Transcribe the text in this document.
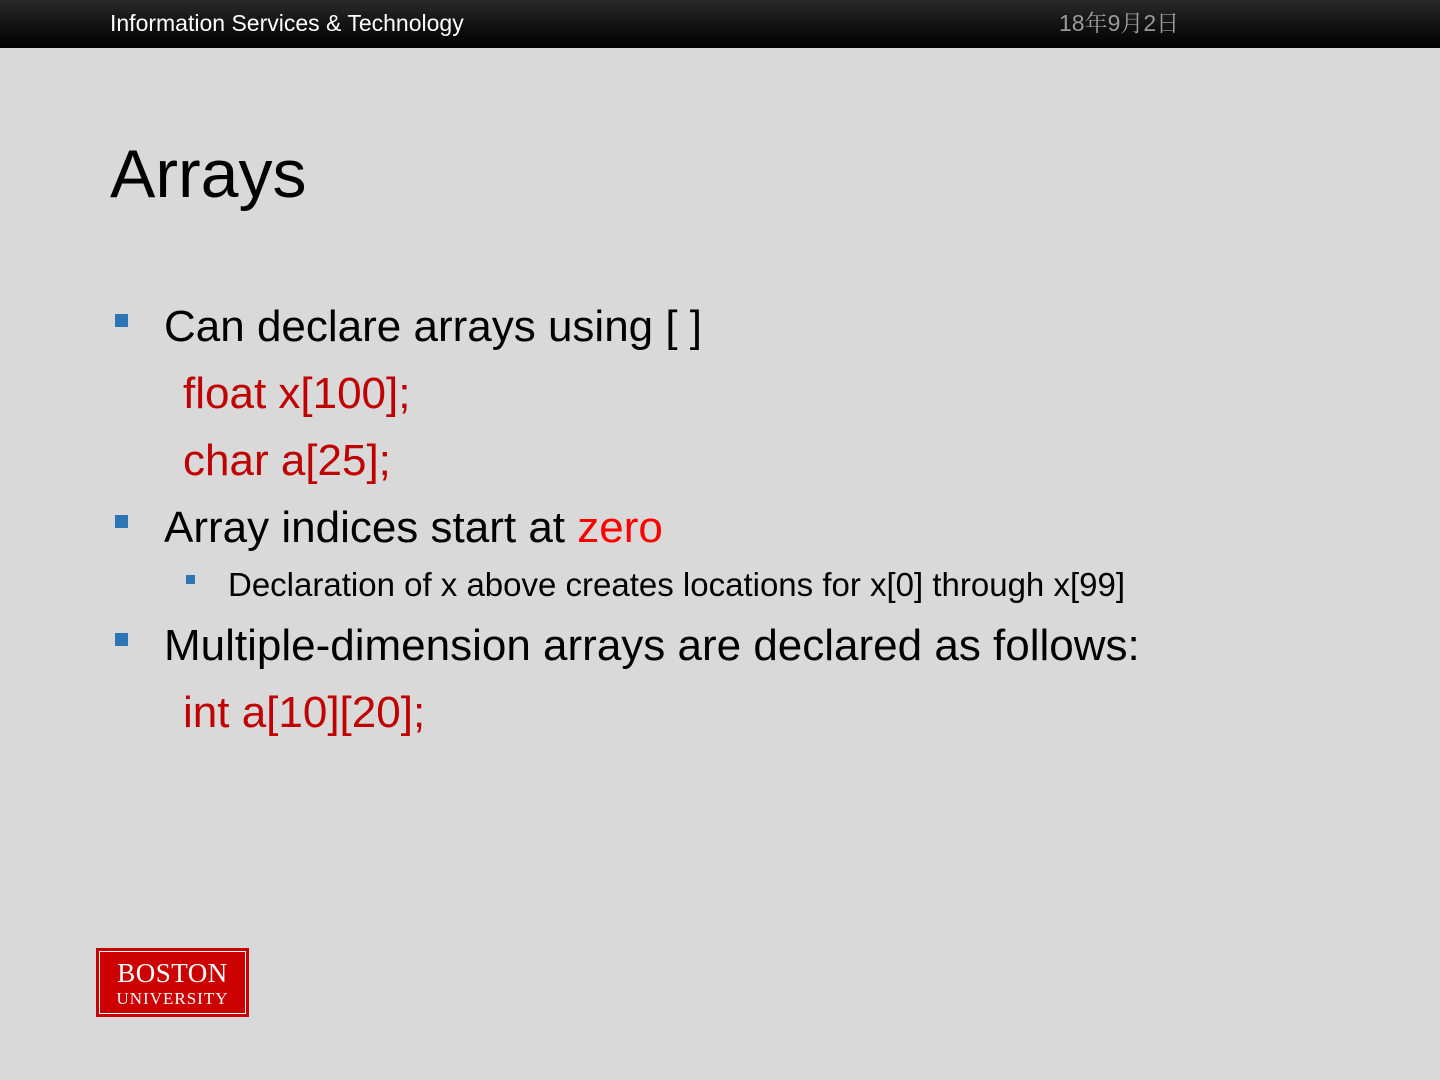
Information Services & Technology	18年9月2日
Arrays
Can declare arrays using [ ]
float x[100];
char a[25];
Array indices start at zero
Declaration of x above creates locations for x[0] through x[99]
Multiple-dimension arrays are declared as follows:
int a[10][20];
BOSTON
UNIVERSITY
